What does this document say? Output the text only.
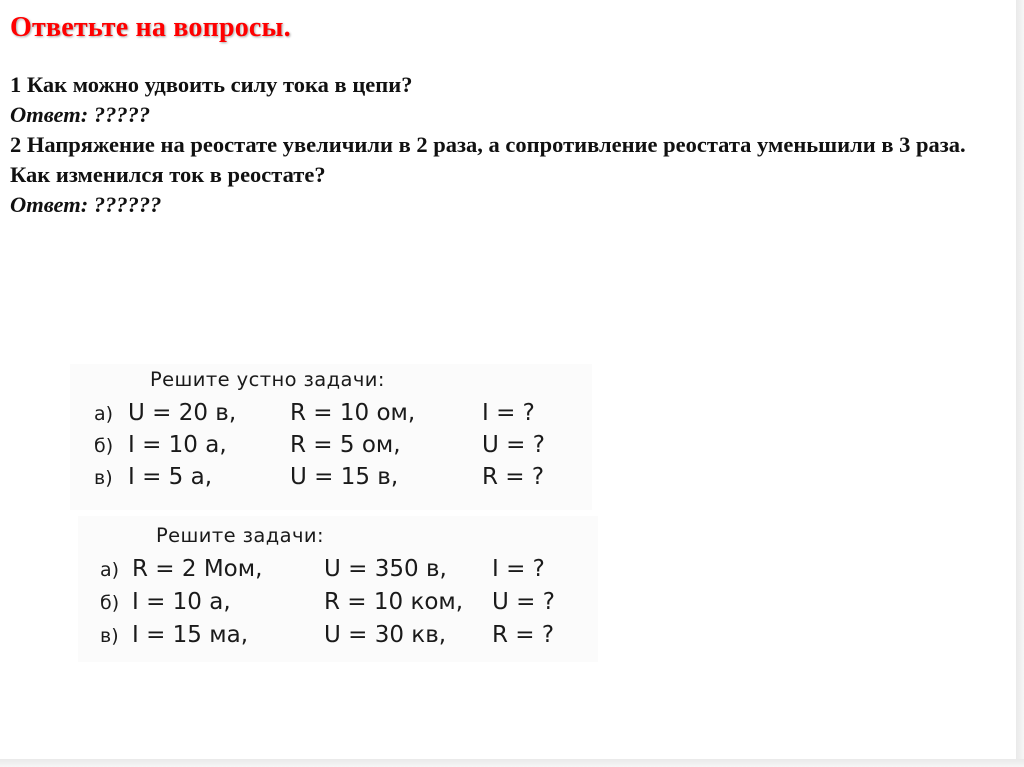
Ответьте на вопросы.

1 Как можно удвоить силу тока в цепи?

Ответ: ?????

2 Напряжение на реостате увеличили в 2 раза, а сопротивление реостата уменьшили в 3 раза. Как изменился ток в реостате?

Ответ: ??????

Решите устно задачи:
а) U = 20 в, R = 10 ом,	I = ?
б) I = 10 а,	R = 5 ом,	U = ?
в) I = 5 а,	U = 15 в,	R = ?
Решите задачи:
а) R = 2 Мом,	U = 350 в, I = ?
б) I = 10 а,	R = 10 ком, U = ?
в) I = 15 ма,	U = 30 кв, R = ?
